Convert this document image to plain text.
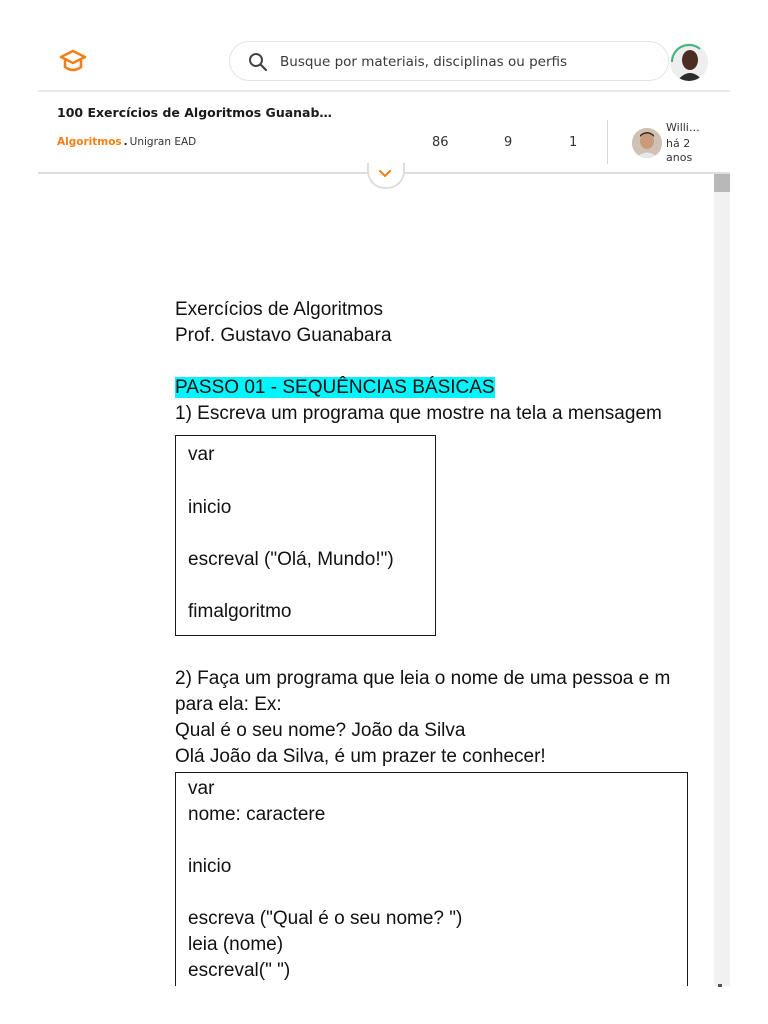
Busque por materiais, disciplinas ou perfis
100 Exercícios de Algoritmos Guanab…
Algoritmos . Unigran EAD	86	9	1
Willi…
há 2 anos
Exercícios de Algoritmos
Prof. Gustavo Guanabara
PASSO 01 - SEQUÊNCIAS BÁSICAS
1) Escreva um programa que mostre na tela a mensagem
var
inicio
escreval ("Olá, Mundo!")
fimalgoritmo
2) Faça um programa que leia o nome de uma pessoa e m
para ela: Ex:
Qual é o seu nome? João da Silva
Olá João da Silva, é um prazer te conhecer!
var
nome: caractere
inicio
escreva ("Qual é o seu nome? ")
leia (nome)
escreval(" ")
